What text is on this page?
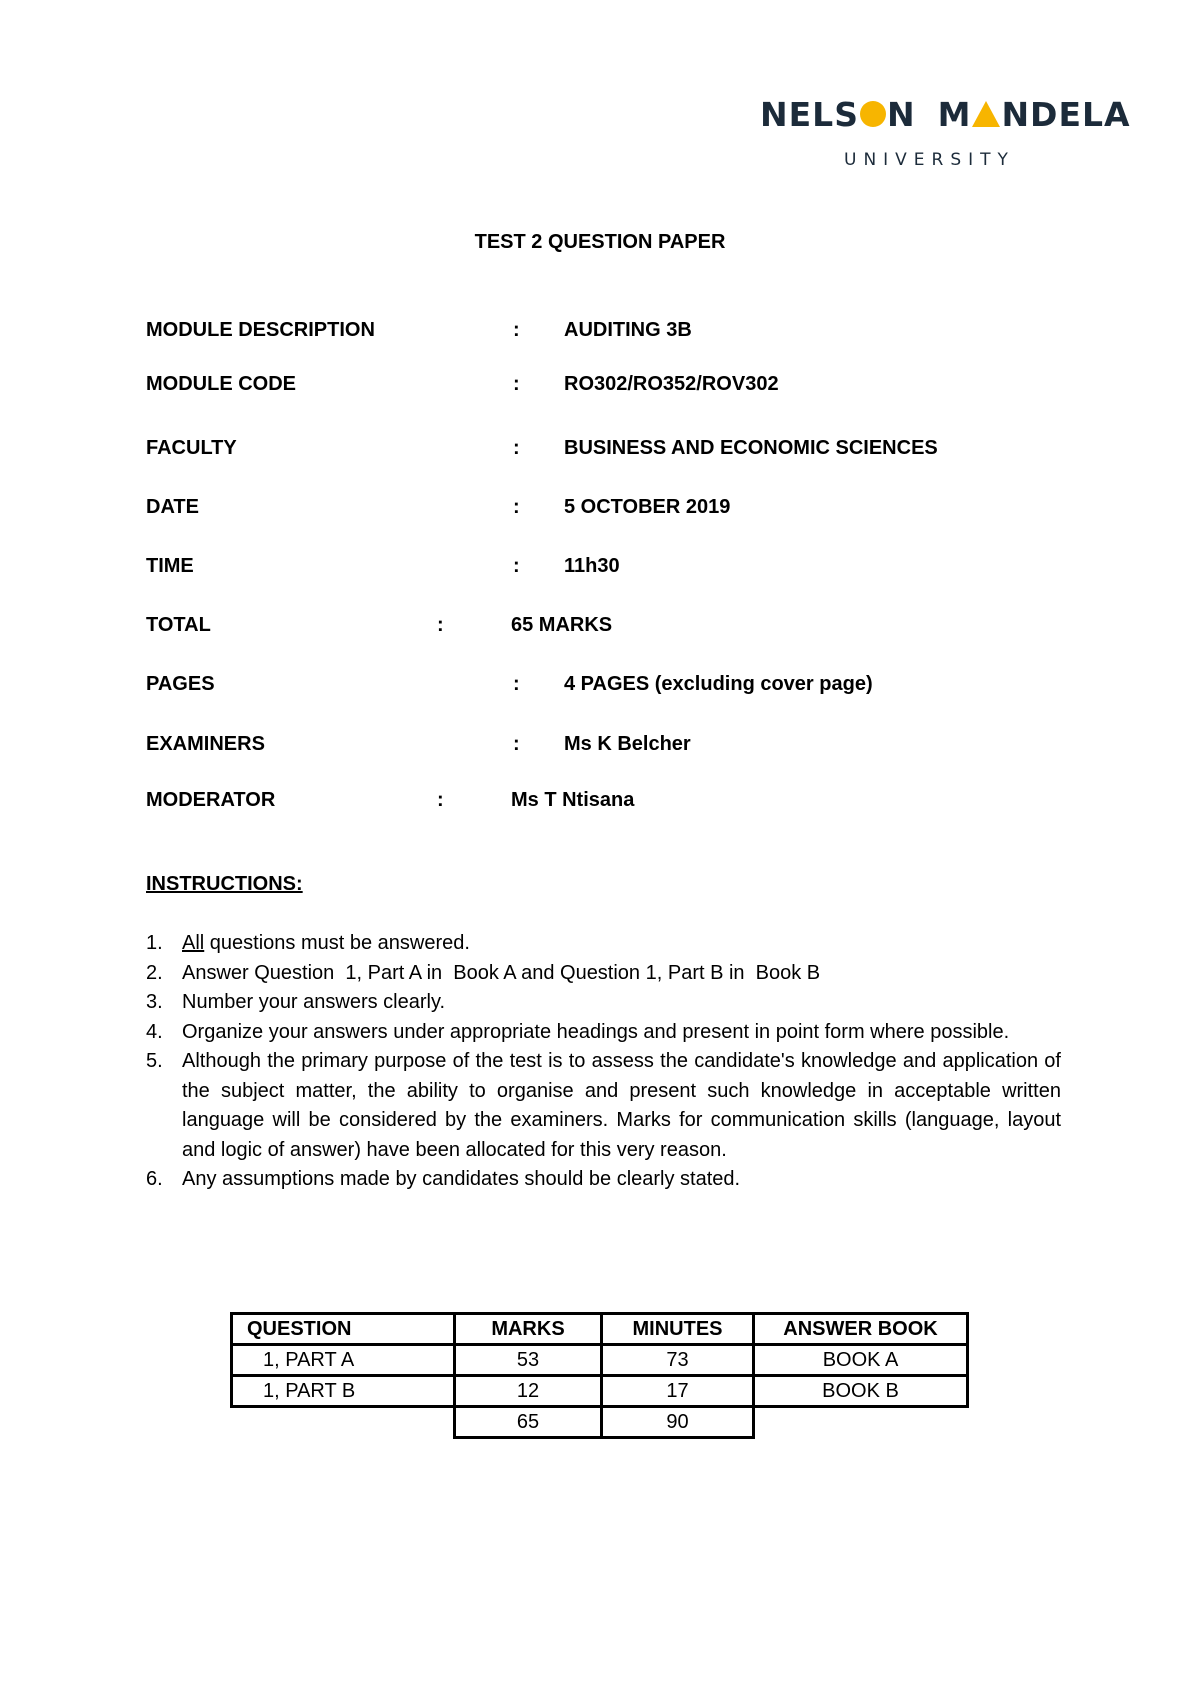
NELS N M NDELA
UNIVERSITY
TEST 2 QUESTION PAPER
MODULE DESCRIPTION	: AUDITING 3B
MODULE CODE	: RO302/RO352/ROV302
FACULTY	: BUSINESS AND ECONOMIC SCIENCES
DATE	: 5 OCTOBER 2019
TIME	: 11h30
TOTAL	:	65 MARKS
PAGES	: 4 PAGES (excluding cover page)
EXAMINERS	: Ms K Belcher
MODERATOR	:	Ms T Ntisana
INSTRUCTIONS:
1. All questions must be answered.
2. Answer Question  1, Part A in  Book A and Question 1, Part B in  Book B
3. Number your answers clearly.
4. Organize your answers under appropriate headings and present in point form where possible.
5. Although the primary purpose of the test is to assess the candidate's knowledge and application of the subject matter, the ability to organise and present such knowledge in acceptable written language will be considered by the examiners. Marks for communication skills (language, layout and logic of answer) have been allocated for this very reason.
6. Any assumptions made by candidates should be clearly stated.
QUESTION	MARKS	MINUTES	ANSWER BOOK
1, PART A	53	73	BOOK A
1, PART B	12	17	BOOK B
	65	90	
